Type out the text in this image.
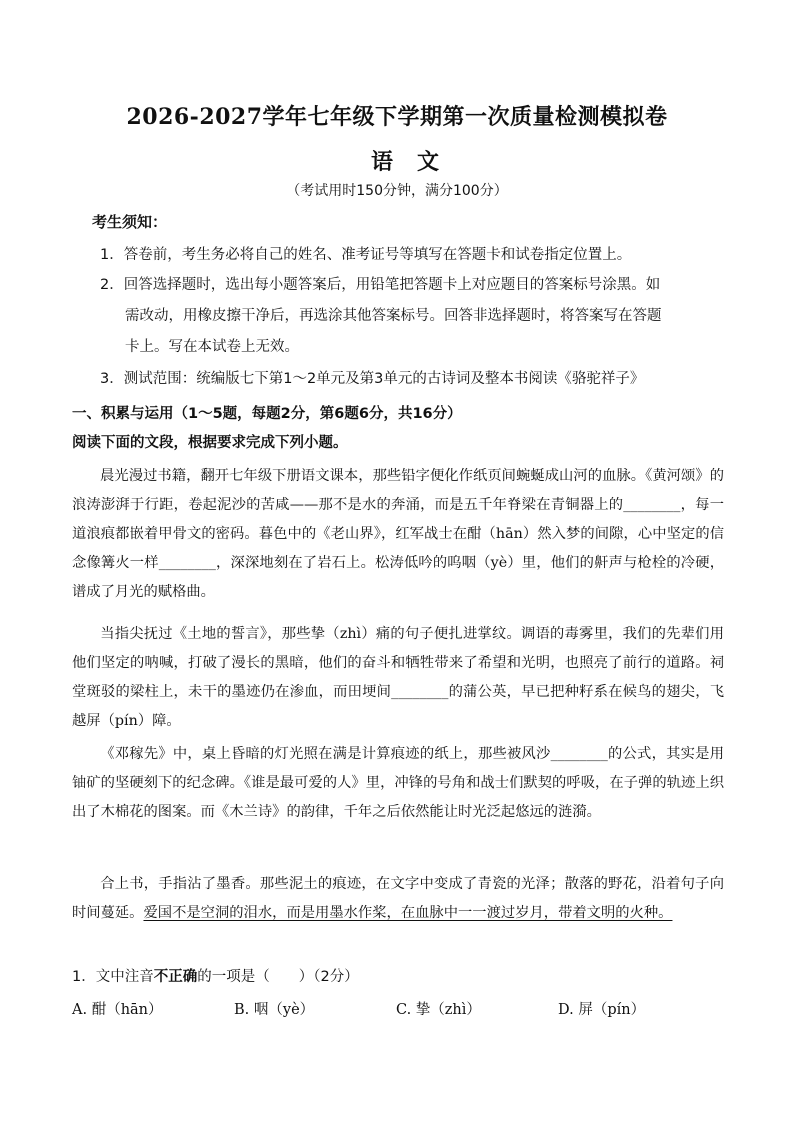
2026-2027学年七年级下学期第一次质量检测模拟卷
语文
（考试用时150分钟，满分100分）
考生须知：
1．答卷前，考生务必将自己的姓名、准考证号等填写在答题卡和试卷指定位置上。
2．回答选择题时，选出每小题答案后，用铅笔把答题卡上对应题目的答案标号涂黑。如
需改动，用橡皮擦干净后，再选涂其他答案标号。回答非选择题时，将答案写在答题
卡上。写在本试卷上无效。
3．测试范围：统编版七下第1～2单元及第3单元的古诗词及整本书阅读《骆驼祥子》
一、积累与运用（1～5题，每题2分，第6题6分，共16分）
阅读下面的文段，根据要求完成下列小题。
晨光漫过书籍，翻开七年级下册语文课本，那些铅字便化作纸页间蜿蜒成山河的血脉。《黄河颂》的浪涛澎湃于行距，卷起泥沙的苦咸——那不是水的奔涌，而是五千年脊梁在青铜器上的________，每一道浪痕都嵌着甲骨文的密码。暮色中的《老山界》，红军战士在酣（hān）然入梦的间隙，心中坚定的信念像篝火一样________，深深地刻在了岩石上。松涛低吟的呜咽（yè）里，他们的鼾声与枪栓的冷硬，谱成了月光的赋格曲。
当指尖抚过《土地的誓言》，那些挚（zhì）痛的句子便扎进掌纹。调语的毒雾里，我们的先辈们用他们坚定的呐喊，打破了漫长的黑暗，他们的奋斗和牺牲带来了希望和光明，也照亮了前行的道路。祠堂斑驳的梁柱上，未干的墨迹仍在渗血，而田埂间________的蒲公英，早已把种籽系在候鸟的翅尖，飞越屏（pín）障。
《邓稼先》中，桌上昏暗的灯光照在满是计算痕迹的纸上，那些被风沙________的公式，其实是用铀矿的坚硬刻下的纪念碑。《谁是最可爱的人》里，冲锋的号角和战士们默契的呼吸，在子弹的轨迹上织出了木棉花的图案。而《木兰诗》的韵律，千年之后依然能让时光泛起悠远的涟漪。
合上书，手指沾了墨香。那些泥土的痕迹，在文字中变成了青瓷的光泽；散落的野花，沿着句子向时间蔓延。爱国不是空洞的泪水，而是用墨水作桨，在血脉中一一渡过岁月，带着文明的火种。
1．文中注音不正确的一项是（　　）（2分）
A. 酣（hān）	B. 咽（yè）	C. 挚（zhì）	D. 屏（pín）
